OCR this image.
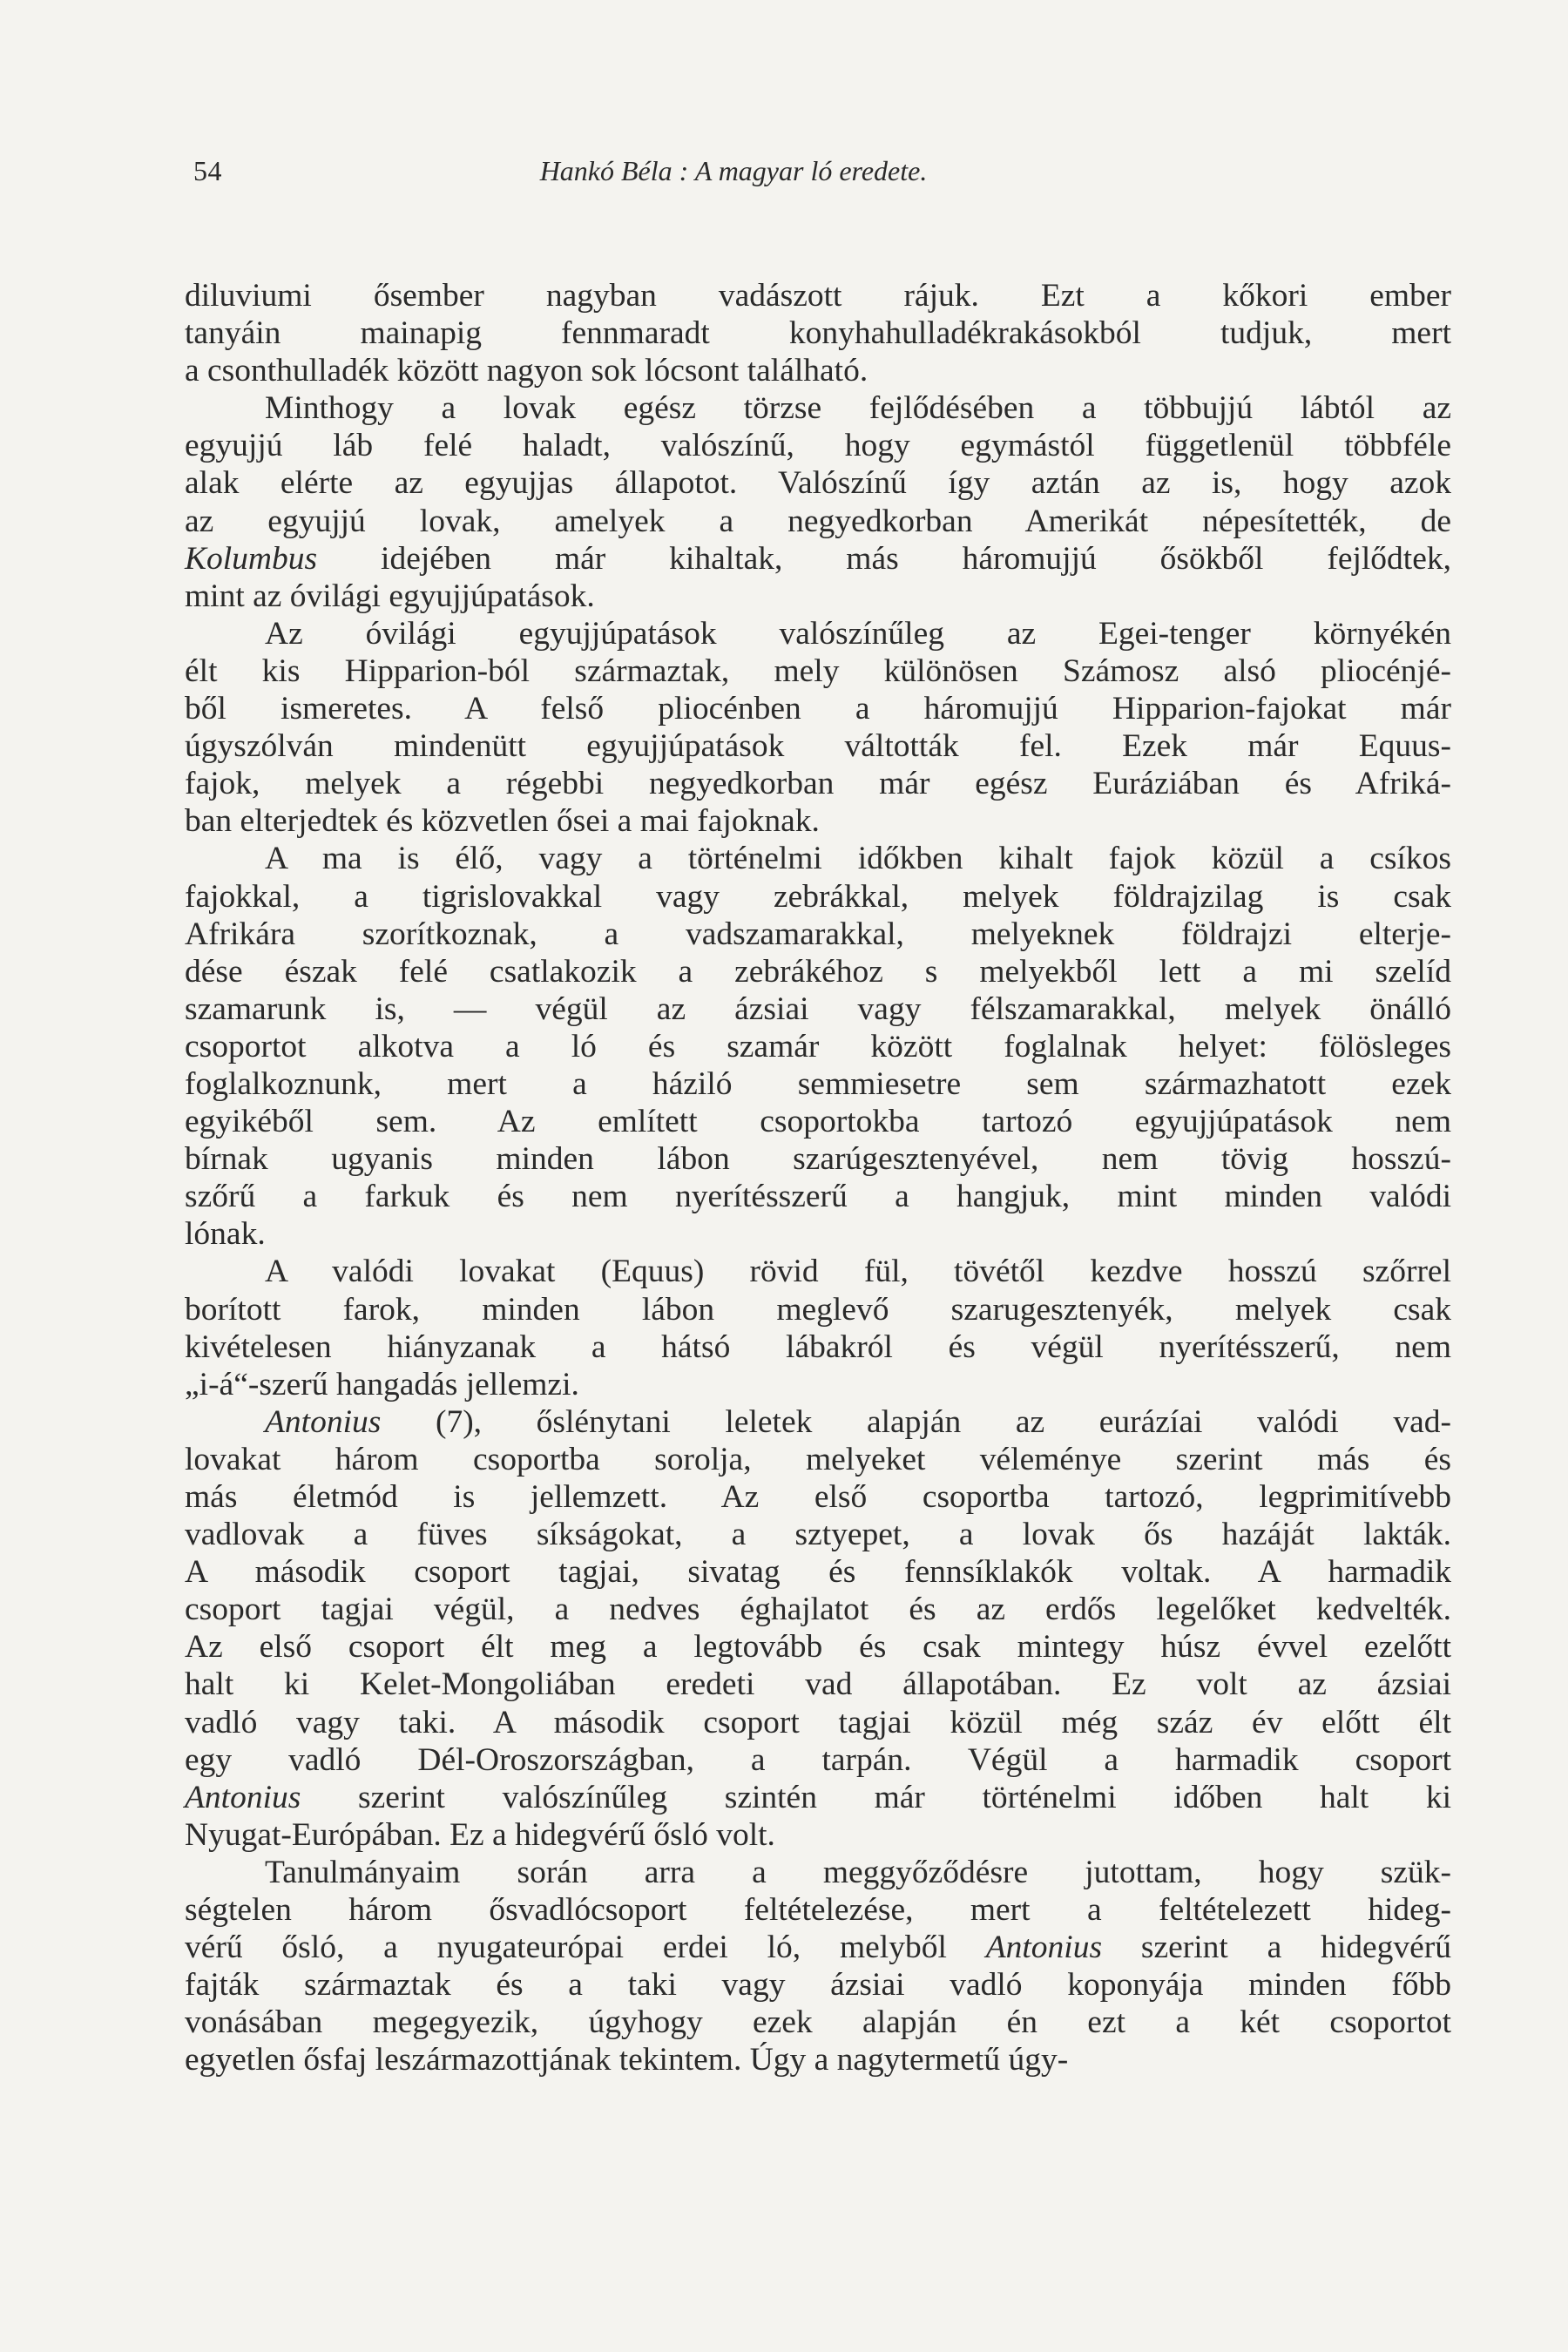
54	Hankó Béla : A magyar ló eredete.
diluviumi ősember nagyban vadászott rájuk. Ezt a kőkori ember
tanyáin mainapig fennmaradt konyhahulladékrakásokból tudjuk, mert
a csonthulladék között nagyon sok lócsont található.
Minthogy a lovak egész törzse fejlődésében a többujjú lábtól az
egyujjú láb felé haladt, valószínű, hogy egymástól függetlenül többféle
alak elérte az egyujjas állapotot. Valószínű így aztán az is, hogy azok
az egyujjú lovak, amelyek a negyedkorban Amerikát népesítették, de
Kolumbus idejében már kihaltak, más háromujjú ősökből fejlődtek,
mint az óvilági egyujjúpatások.
Az óvilági egyujjúpatások valószínűleg az Egei-tenger környékén
élt kis Hipparion-ból származtak, mely különösen Számosz alsó pliocénjé-
ből ismeretes. A felső pliocénben a háromujjú Hipparion-fajokat már
úgyszólván mindenütt egyujjúpatások váltották fel. Ezek már Equus-
fajok, melyek a régebbi negyedkorban már egész Euráziában és Afriká-
ban elterjedtek és közvetlen ősei a mai fajoknak.
A ma is élő, vagy a történelmi időkben kihalt fajok közül a csíkos
fajokkal, a tigrislovakkal vagy zebrákkal, melyek földrajzilag is csak
Afrikára szorítkoznak, a vadszamarakkal, melyeknek földrajzi elterje-
dése észak felé csatlakozik a zebrákéhoz s melyekből lett a mi szelíd
szamarunk is, — végül az ázsiai vagy félszamarakkal, melyek önálló
csoportot alkotva a ló és szamár között foglalnak helyet: fölösleges
foglalkoznunk, mert a háziló semmiesetre sem származhatott ezek
egyikéből sem. Az említett csoportokba tartozó egyujjúpatások nem
bírnak ugyanis minden lábon szarúgesztenyével, nem tövig hosszú-
szőrű a farkuk és nem nyerítésszerű a hangjuk, mint minden valódi
lónak.
A valódi lovakat (Equus) rövid fül, tövétől kezdve hosszú szőrrel
borított farok, minden lábon meglevő szarugesztenyék, melyek csak
kivételesen hiányzanak a hátsó lábakról és végül nyerítésszerű, nem
„i-á“-szerű hangadás jellemzi.
Antonius (7), őslénytani leletek alapján az eurázíai valódi vad-
lovakat három csoportba sorolja, melyeket véleménye szerint más és
más életmód is jellemzett. Az első csoportba tartozó, legprimitívebb
vadlovak a füves síkságokat, a sztyepet, a lovak ős hazáját lakták.
A második csoport tagjai, sivatag és fennsíklakók voltak. A harmadik
csoport tagjai végül, a nedves éghajlatot és az erdős legelőket kedvelték.
Az első csoport élt meg a legtovább és csak mintegy húsz évvel ezelőtt
halt ki Kelet-Mongoliában eredeti vad állapotában. Ez volt az ázsiai
vadló vagy taki. A második csoport tagjai közül még száz év előtt élt
egy vadló Dél-Oroszországban, a tarpán. Végül a harmadik csoport
Antonius szerint valószínűleg szintén már történelmi időben halt ki
Nyugat-Európában. Ez a hidegvérű ősló volt.
Tanulmányaim során arra a meggyőződésre jutottam, hogy szük-
ségtelen három ősvadlócsoport feltételezése, mert a feltételezett hideg-
vérű ősló, a nyugateurópai erdei ló, melyből Antonius szerint a hidegvérű
fajták származtak és a taki vagy ázsiai vadló koponyája minden főbb
vonásában megegyezik, úgyhogy ezek alapján én ezt a két csoportot
egyetlen ősfaj leszármazottjának tekintem. Úgy a nagytermetű úgy-
